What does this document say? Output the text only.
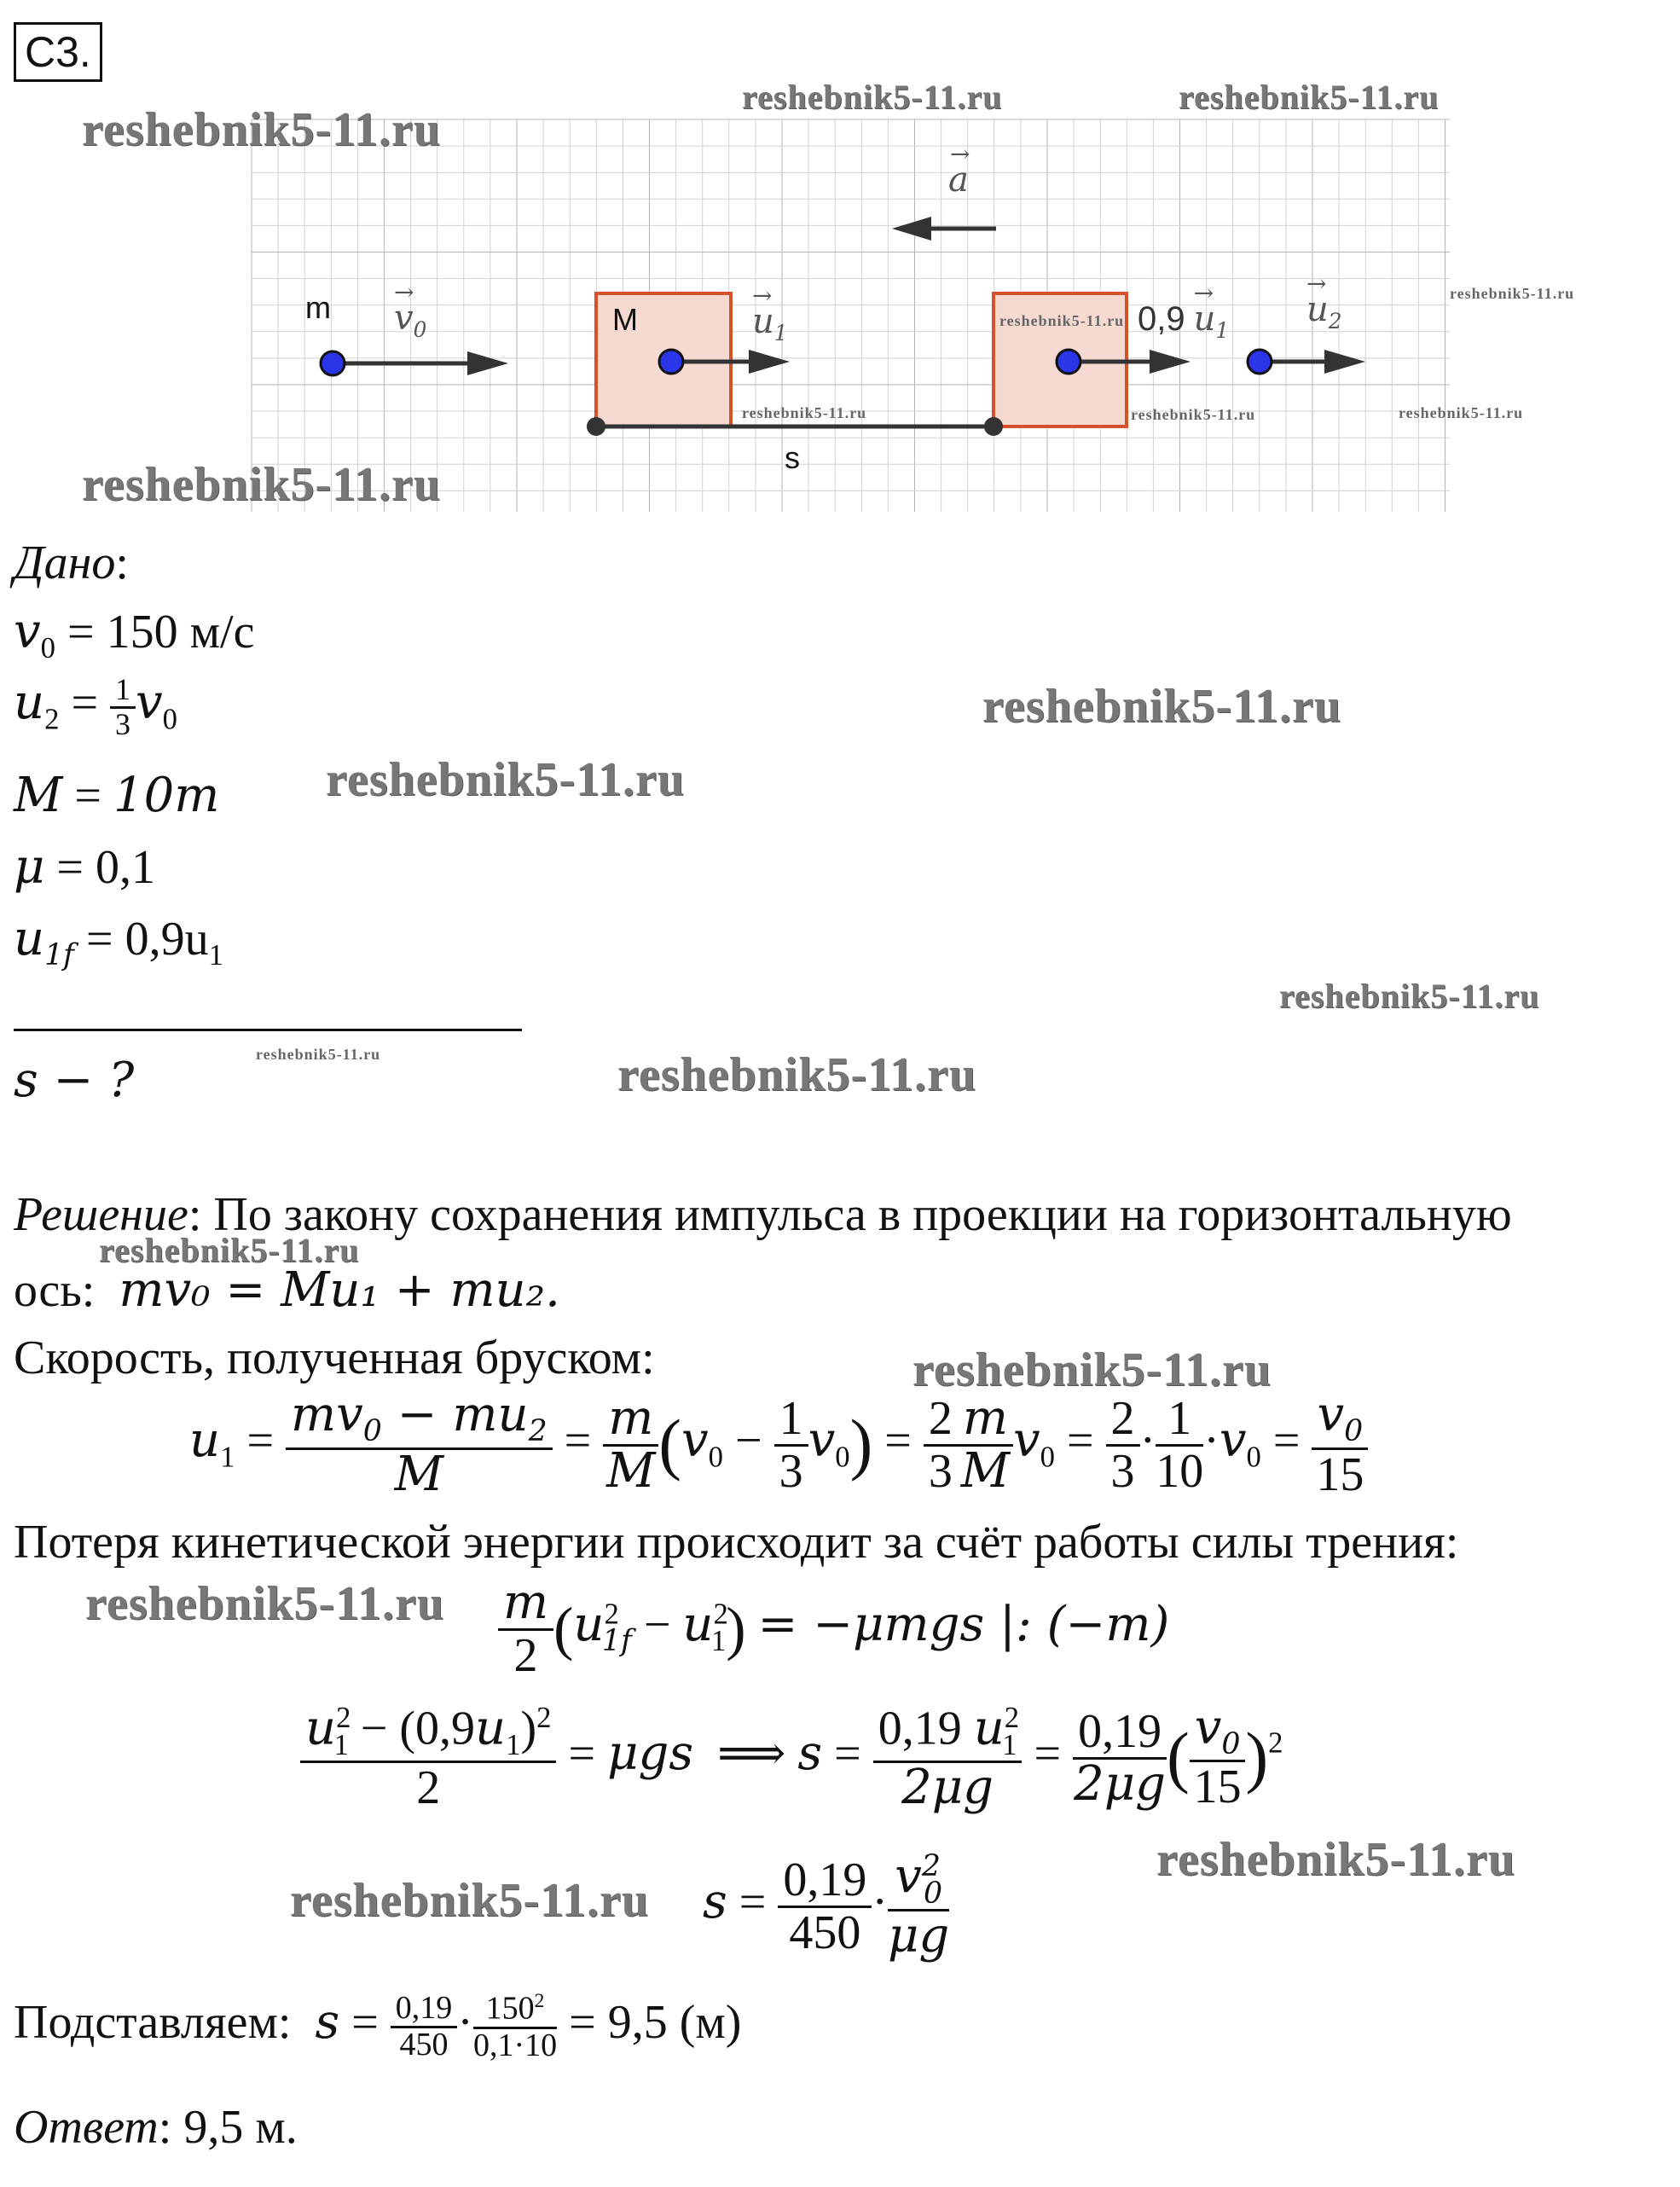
C3.
m	M
s
→
a
→
$v_0$
→
$u_1$	0,9
→
$u_1$
→
$u_2$
reshebnik5-11.ru
reshebnik5-11.ru	reshebnik5-11.ru
reshebnik5-11.ru
reshebnik5-11.ru
reshebnik5-11.ru	reshebnik5-11.ru	reshebnik5-11.ru
reshebnik5-11.ru
reshebnik5-11.ru
reshebnik5-11.ru
reshebnik5-11.ru
reshebnik5-11.ru	reshebnik5-11.ru
reshebnik5-11.ru
reshebnik5-11.ru
reshebnik5-11.ru
reshebnik5-11.ru
reshebnik5-11.ru
Дано:
$v_0 = 150$ м/с
$u_2 = \frac{1}{3} v_0$
M = 10m
μ = 0,1
$u_{1f} = 0,9u_1$
s − ?
Решение: По закону сохранения импульса в проекции на горизонтальную
ось: mv₀ = Mu₁ + mu₂.
Скорость, полученная бруском:
$u_1 = \frac{mv_0 - mu_2}{M} = \frac{m}{M} (v_0 - \frac{1}{3} v_0) = \frac{2}{3} \frac{m}{M} v_0 = \frac{2}{3} \cdot \frac{1}{10} \cdot v_0 = \frac{v_0}{15}$
Потеря кинетической энергии происходит за счёт работы силы трения:
$\frac{m}{2} (u^2_{1f} - u^2_1) = -\mu mgs$ |: (−m)
$\frac{u^2_1 - (0,9u_1)^2}{2} = \mu gs$  ⟹ $s = \frac{0,19 u^2_1}{2\mu g} = \frac{0,19}{2\mu g}$ ( $\frac{v_0}{15} )^2$
$s = \frac{0,19}{450} \cdot \frac{v^2_0}{\mu g}$
Подставляем: $s = \frac{0,19}{450} \cdot \frac{150^2}{0,1\cdot 10} = 9,5$ (м)
Ответ: 9,5 м.
